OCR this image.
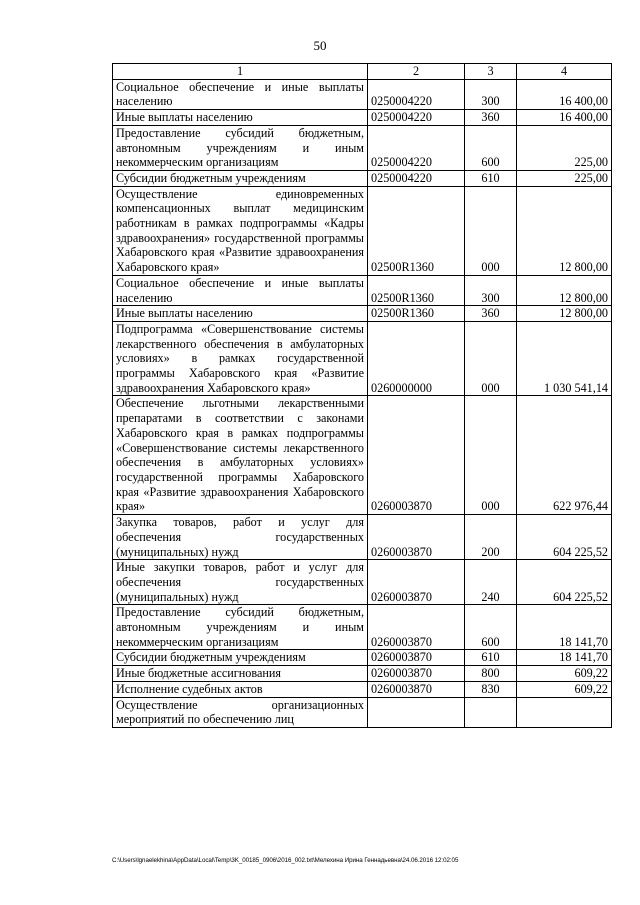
50
1	2	3	4
Социальное обеспечение и иные выплаты населению	0250004220	300	16 400,00
Иные выплаты населению	0250004220	360	16 400,00
Предоставление субсидий бюджетным, автономным учреждениям и иным некоммерческим организациям	0250004220	600	225,00
Субсидии бюджетным учреждениям	0250004220	610	225,00
Осуществление единовременных компенсационных выплат медицинским работникам в рамках подпрограммы «Кадры здравоохранения» государственной программы Хабаровского края «Развитие здравоохранения Хабаровского края»	02500R1360	000	12 800,00
Социальное обеспечение и иные выплаты населению	02500R1360	300	12 800,00
Иные выплаты населению	02500R1360	360	12 800,00
Подпрограмма «Совершенствование системы лекарственного обеспечения в амбулаторных условиях» в рамках государственной программы Хабаровского края «Развитие здравоохранения Хабаровского края»	0260000000	000	1 030 541,14
Обеспечение льготными лекарственными препаратами в соответствии с законами Хабаровского края в рамках подпрограммы «Совершенствование системы лекарственного обеспечения в амбулаторных условиях» государственной программы Хабаровского края «Развитие здравоохранения Хабаровского края»	0260003870	000	622 976,44
Закупка товаров, работ и услуг для обеспечения государственных (муниципальных) нужд	0260003870	200	604 225,52
Иные закупки товаров, работ и услуг для обеспечения государственных (муниципальных) нужд	0260003870	240	604 225,52
Предоставление субсидий бюджетным, автономным учреждениям и иным некоммерческим организациям	0260003870	600	18 141,70
Субсидии бюджетным учреждениям	0260003870	610	18 141,70
Иные бюджетные ассигнования	0260003870	800	609,22
Исполнение судебных актов	0260003870	830	609,22
Осуществление организационных мероприятий по обеспечению лиц			
C:\Users\lgnaelekhina\AppData\Local\Temp\3K_00185_0906\2016_002.txt\Мелехина Ирина Геннадьевна\24.06.2016 12:02:05
